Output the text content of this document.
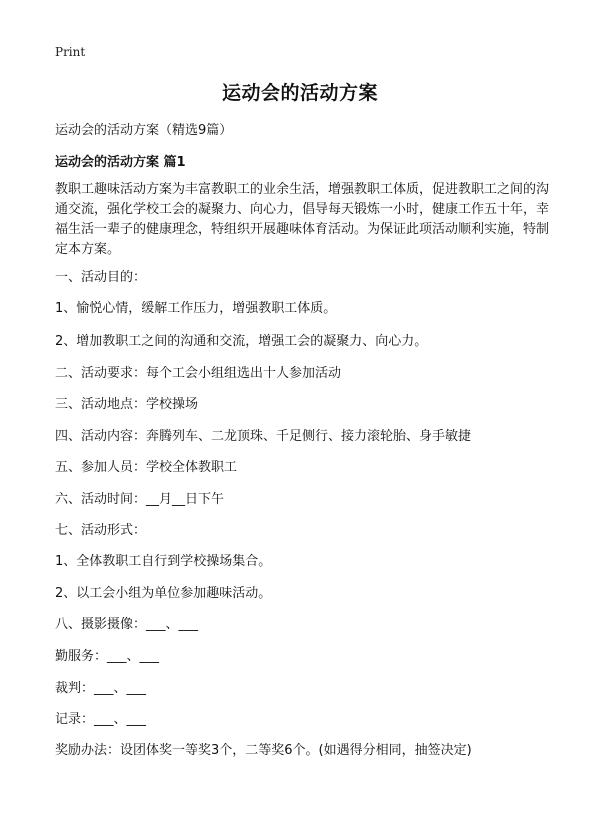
Print
运动会的活动方案

运动会的活动方案（精选9篇）

运动会的活动方案 篇1

教职工趣味活动方案为丰富教职工的业余生活，增强教职工体质，促进教职工之间的沟通交流，强化学校工会的凝聚力、向心力，倡导每天锻炼一小时，健康工作五十年，幸福生活一辈子的健康理念，特组织开展趣味体育活动。为保证此项活动顺利实施，特制定本方案。

一、活动目的：

1、愉悦心情，缓解工作压力，增强教职工体质。

2、增加教职工之间的沟通和交流，增强工会的凝聚力、向心力。

二、活动要求：每个工会小组组选出十人参加活动

三、活动地点：学校操场

四、活动内容：奔腾列车、二龙顶珠、千足侧行、接力滚轮胎、身手敏捷

五、参加人员：学校全体教职工

六、活动时间：__月__日下午

七、活动形式：

1、全体教职工自行到学校操场集合。

2、以工会小组为单位参加趣味活动。

八、摄影摄像：___、___

勤服务：___、___

裁判：___、___

记录：___、___

奖励办法：设团体奖一等奖3个，二等奖6个。(如遇得分相同，抽签决定)
